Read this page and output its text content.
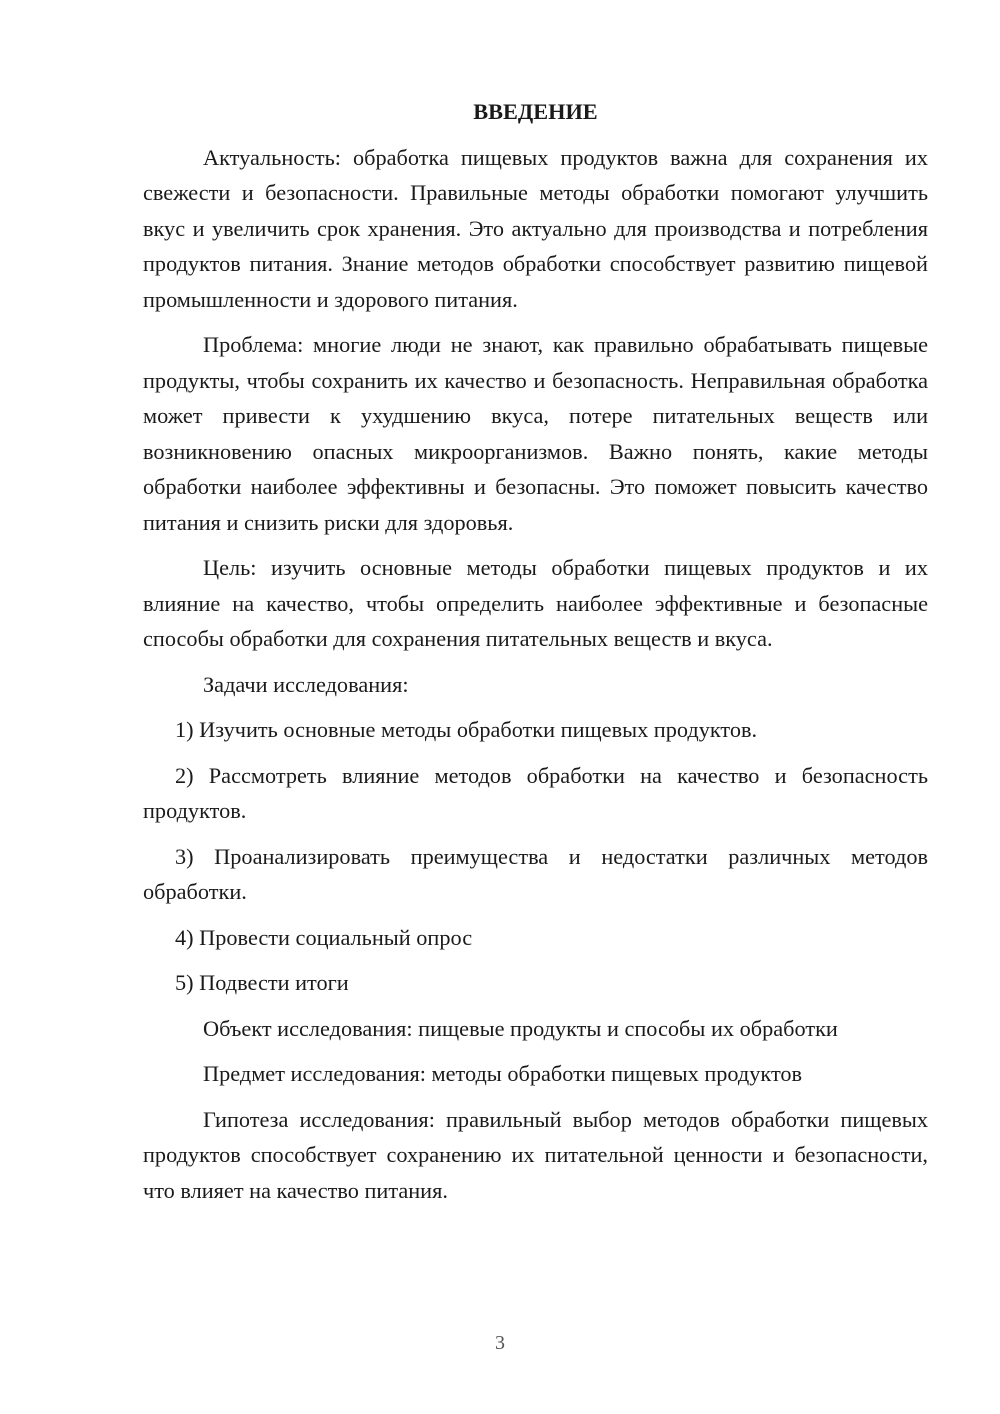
ВВЕДЕНИЕ

Актуальность: обработка пищевых продуктов важна для сохранения их свежести и безопасности. Правильные методы обработки помогают улучшить вкус и увеличить срок хранения. Это актуально для производства и потребления продуктов питания. Знание методов обработки способствует развитию пищевой промышленности и здорового питания.

Проблема: многие люди не знают, как правильно обрабатывать пищевые продукты, чтобы сохранить их качество и безопасность. Неправильная обработка может привести к ухудшению вкуса, потере питательных веществ или возникновению опасных микроорганизмов. Важно понять, какие методы обработки наиболее эффективны и безопасны. Это поможет повысить качество питания и снизить риски для здоровья.

Цель: изучить основные методы обработки пищевых продуктов и их влияние на качество, чтобы определить наиболее эффективные и безопасные способы обработки для сохранения питательных веществ и вкуса.

Задачи исследования:

1) Изучить основные методы обработки пищевых продуктов.

2) Рассмотреть влияние методов обработки на качество и безопасность продуктов.

3) Проанализировать преимущества и недостатки различных методов обработки.

4) Провести социальный опрос

5) Подвести итоги

Объект исследования: пищевые продукты и способы их обработки

Предмет исследования: методы обработки пищевых продуктов

Гипотеза исследования: правильный выбор методов обработки пищевых продуктов способствует сохранению их питательной ценности и безопасности, что влияет на качество питания.

3
